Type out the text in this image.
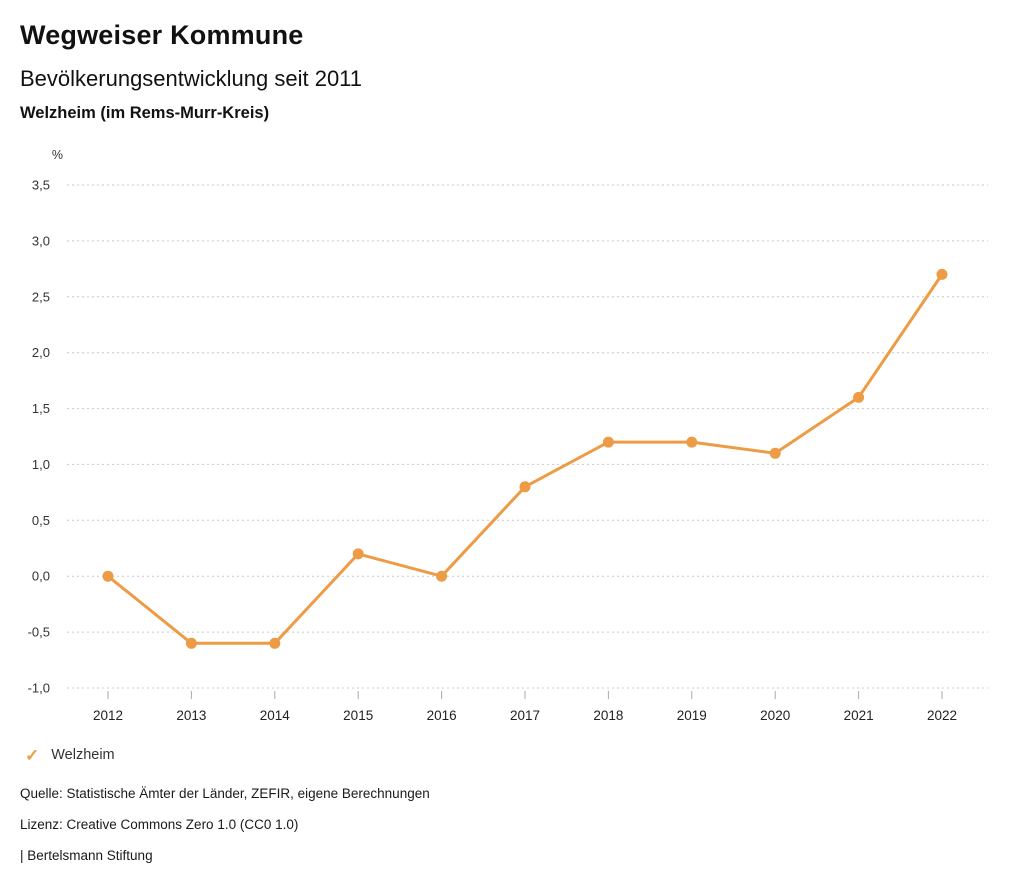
Wegweiser Kommune
Bevölkerungsentwicklung seit 2011
Welzheim (im Rems-Murr-Kreis)
3,5
3,0
2,5
2,0
1,5
1,0
0,5
0,0
-0,5
-1,0
%
2012	2013	2014	2015	2016	2017	2018	2019	2020	2021	2022
✓ Welzheim
Quelle: Statistische Ämter der Länder, ZEFIR, eigene Berechnungen
Lizenz: Creative Commons Zero 1.0 (CC0 1.0)
| Bertelsmann Stiftung
